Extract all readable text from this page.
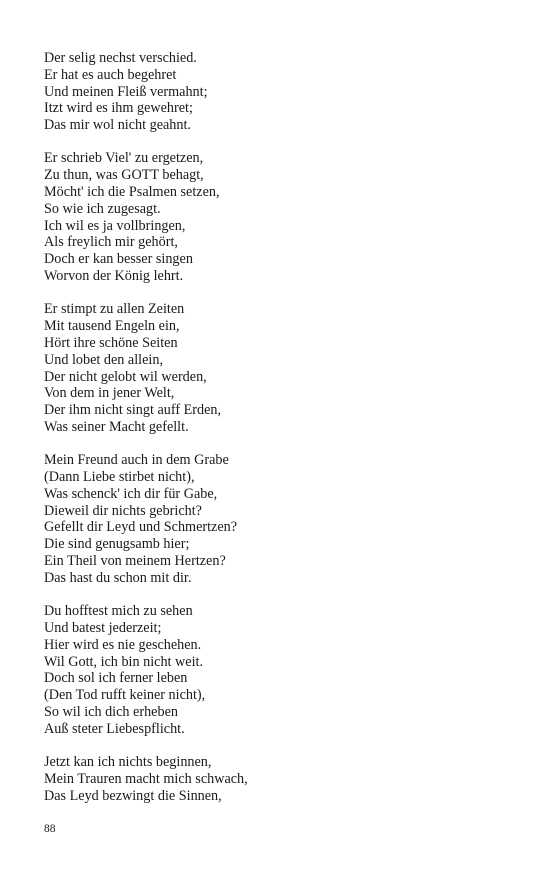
Der selig nechst verschied.
Er hat es auch begehret
Und meinen Fleiß vermahnt;
Itzt wird es ihm gewehret;
Das mir wol nicht geahnt.
Er schrieb Viel' zu ergetzen,
Zu thun, was GOTT behagt,
Möcht' ich die Psalmen setzen,
So wie ich zugesagt.
Ich wil es ja vollbringen,
Als freylich mir gehört,
Doch er kan besser singen
Worvon der König lehrt.
Er stimpt zu allen Zeiten
Mit tausend Engeln ein,
Hört ihre schöne Seiten
Und lobet den allein,
Der nicht gelobt wil werden,
Von dem in jener Welt,
Der ihm nicht singt auff Erden,
Was seiner Macht gefellt.
Mein Freund auch in dem Grabe
(Dann Liebe stirbet nicht),
Was schenck' ich dir für Gabe,
Dieweil dir nichts gebricht?
Gefellt dir Leyd und Schmertzen?
Die sind genugsamb hier;
Ein Theil von meinem Hertzen?
Das hast du schon mit dir.
Du hofftest mich zu sehen
Und batest jederzeit;
Hier wird es nie geschehen.
Wil Gott, ich bin nicht weit.
Doch sol ich ferner leben
(Den Tod rufft keiner nicht),
So wil ich dich erheben
Auß steter Liebespflicht.
Jetzt kan ich nichts beginnen,
Mein Trauren macht mich schwach,
Das Leyd bezwingt die Sinnen,
88
